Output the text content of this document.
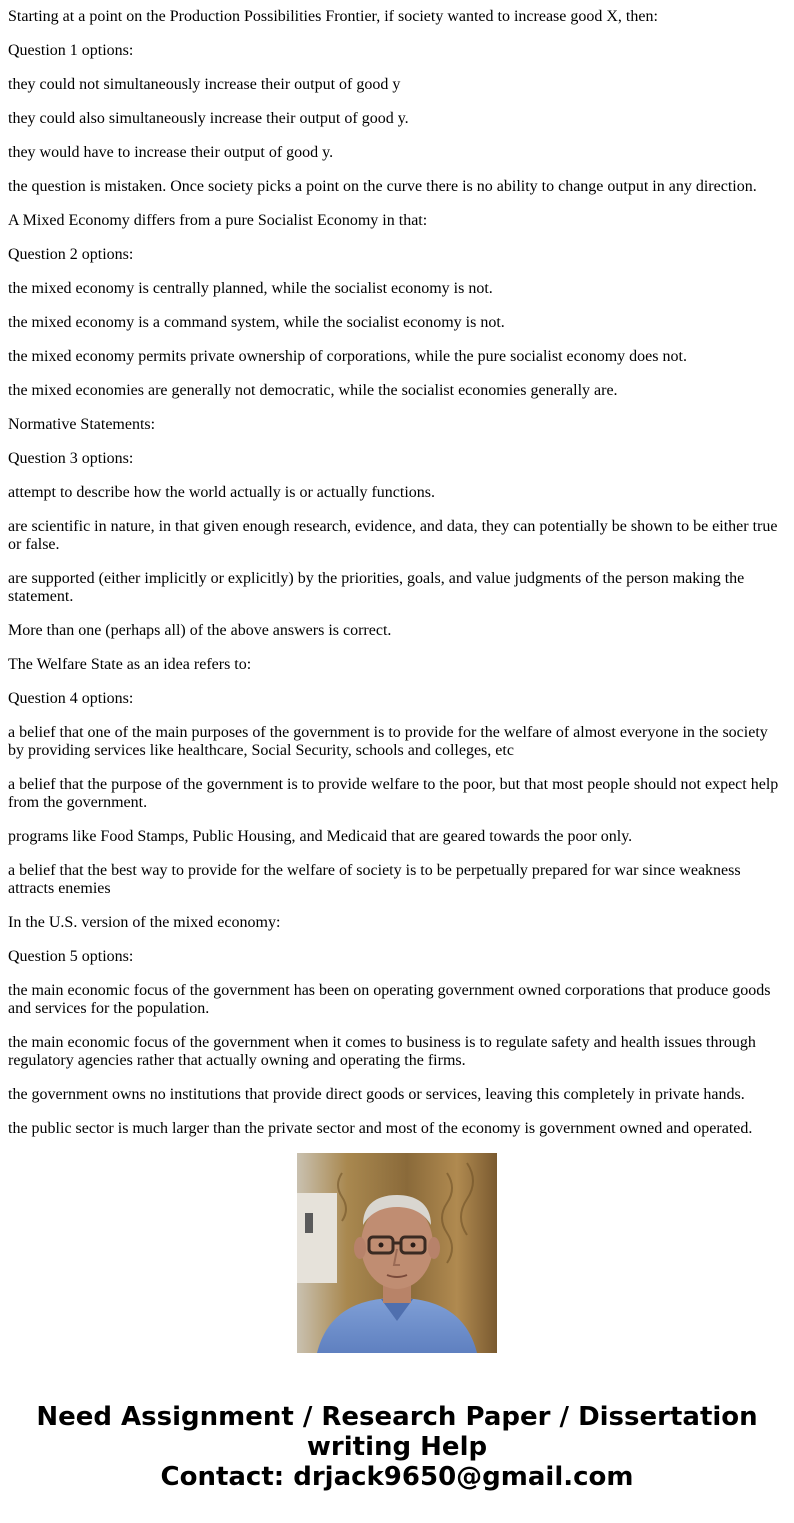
Starting at a point on the Production Possibilities Frontier, if society wanted to increase good X, then:

Question 1 options:

they could not simultaneously increase their output of good y

they could also simultaneously increase their output of good y.

they would have to increase their output of good y.

the question is mistaken. Once society picks a point on the curve there is no ability to change output in any direction.

A Mixed Economy differs from a pure Socialist Economy in that:

Question 2 options:

the mixed economy is centrally planned, while the socialist economy is not.

the mixed economy is a command system, while the socialist economy is not.

the mixed economy permits private ownership of corporations, while the pure socialist economy does not.

the mixed economies are generally not democratic, while the socialist economies generally are.

Normative Statements:

Question 3 options:

attempt to describe how the world actually is or actually functions.

are scientific in nature, in that given enough research, evidence, and data, they can potentially be shown to be either true or false.

are supported (either implicitly or explicitly) by the priorities, goals, and value judgments of the person making the statement.

More than one (perhaps all) of the above answers is correct.

The Welfare State as an idea refers to:

Question 4 options:

a belief that one of the main purposes of the government is to provide for the welfare of almost everyone in the society by providing services like healthcare, Social Security, schools and colleges, etc

a belief that the purpose of the government is to provide welfare to the poor, but that most people should not expect help from the government.

programs like Food Stamps, Public Housing, and Medicaid that are geared towards the poor only.

a belief that the best way to provide for the welfare of society is to be perpetually prepared for war since weakness attracts enemies

In the U.S. version of the mixed economy:

Question 5 options:

the main economic focus of the government has been on operating government owned corporations that produce goods and services for the population.

the main economic focus of the government when it comes to business is to regulate safety and health issues through regulatory agencies rather that actually owning and operating the firms.

the government owns no institutions that provide direct goods or services, leaving this completely in private hands.

the public sector is much larger than the private sector and most of the economy is government owned and operated.

Need Assignment / Research Paper / Dissertation
writing Help
Contact: drjack9650@gmail.com
